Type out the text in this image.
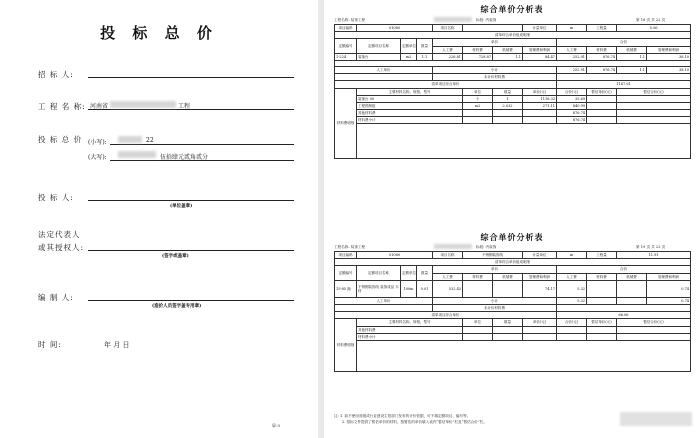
投 标 总 价
招 标 人:
工 程 名 称: 河南省	工程
投 标 总 价 (小写):	22
(大写):	伍拾肆元贰角贰分
投 标 人:
(单位盖章)
法定代表人
或其授权人:
(签字或盖章)
编 制 人:
(造价人员签字盖专用章)
时 间:	年 月 日
扉-3
综合单价分析表
工程名称: 装饰工程	标段: 内装饰	第 18 页 共 22 页
项目编码	01080			项目名称			计量单位	m	工程量	5.56	
清单综合单价组成明细											
定额编号	定额项目名称	定额单位	数量	单价				合价			
				人工费	材料费	机械费	管理费和利润	人工费	材料费	机械费	管理费和利润
1-224	装饰台	m2	1.1	226.81	728.87	1.1	84.47	252.91	876.74	1.1	38.10

人工单价				小计				252.91	876.74	1.1	38.10
				未计价材料费							
清单项目综合单价								1167.61			
材料费明细	主要材料名称、规格、型号				单位	数量	单价(元)	合价(元)	暂估单价(元)	暂估合价(元)	
	装饰台 00				个	1	1116.33	35.69			
	工程预制板				m2	2.032	271.11	840.99			
	其他材料费							876.74			
	材料费小计							876.74			

综合单价分析表
工程名称: 装饰工程	标段: 内装饰	第 19 页 共 22 页
项目编码	01080			项目名称	不锈钢装饰线		计量单位	m	工程量	11.91	
清单综合单价组成明细											
定额编号	定额项目名称	定额单位	数量	单价				合价			
				人工费	材料费	机械费	管理费和利润	人工费	材料费	机械费	管理费和利润
15-85 换	不锈钢装饰线 装饰成品 木材	100m	0.01	532.43			74.17	5.32			0.74
人工单价				小计				5.32			0.74
				未计价材料费							
清单项目综合单价								66.06			
材料费明细	主要材料名称、规格、型号				单位	数量	单价(元)	合价(元)	暂估单价(元)	暂估合价(元)	
	其他材料费										
	材料费小计										

注: 1. 如不使用省级或行业建设主管部门发布的计价依据，可不填定额项目、编号等。
2. 招标文件提供了暂估单价的材料，按暂估的单价填入表内“暂估单价”栏及“暂估合价”栏。
